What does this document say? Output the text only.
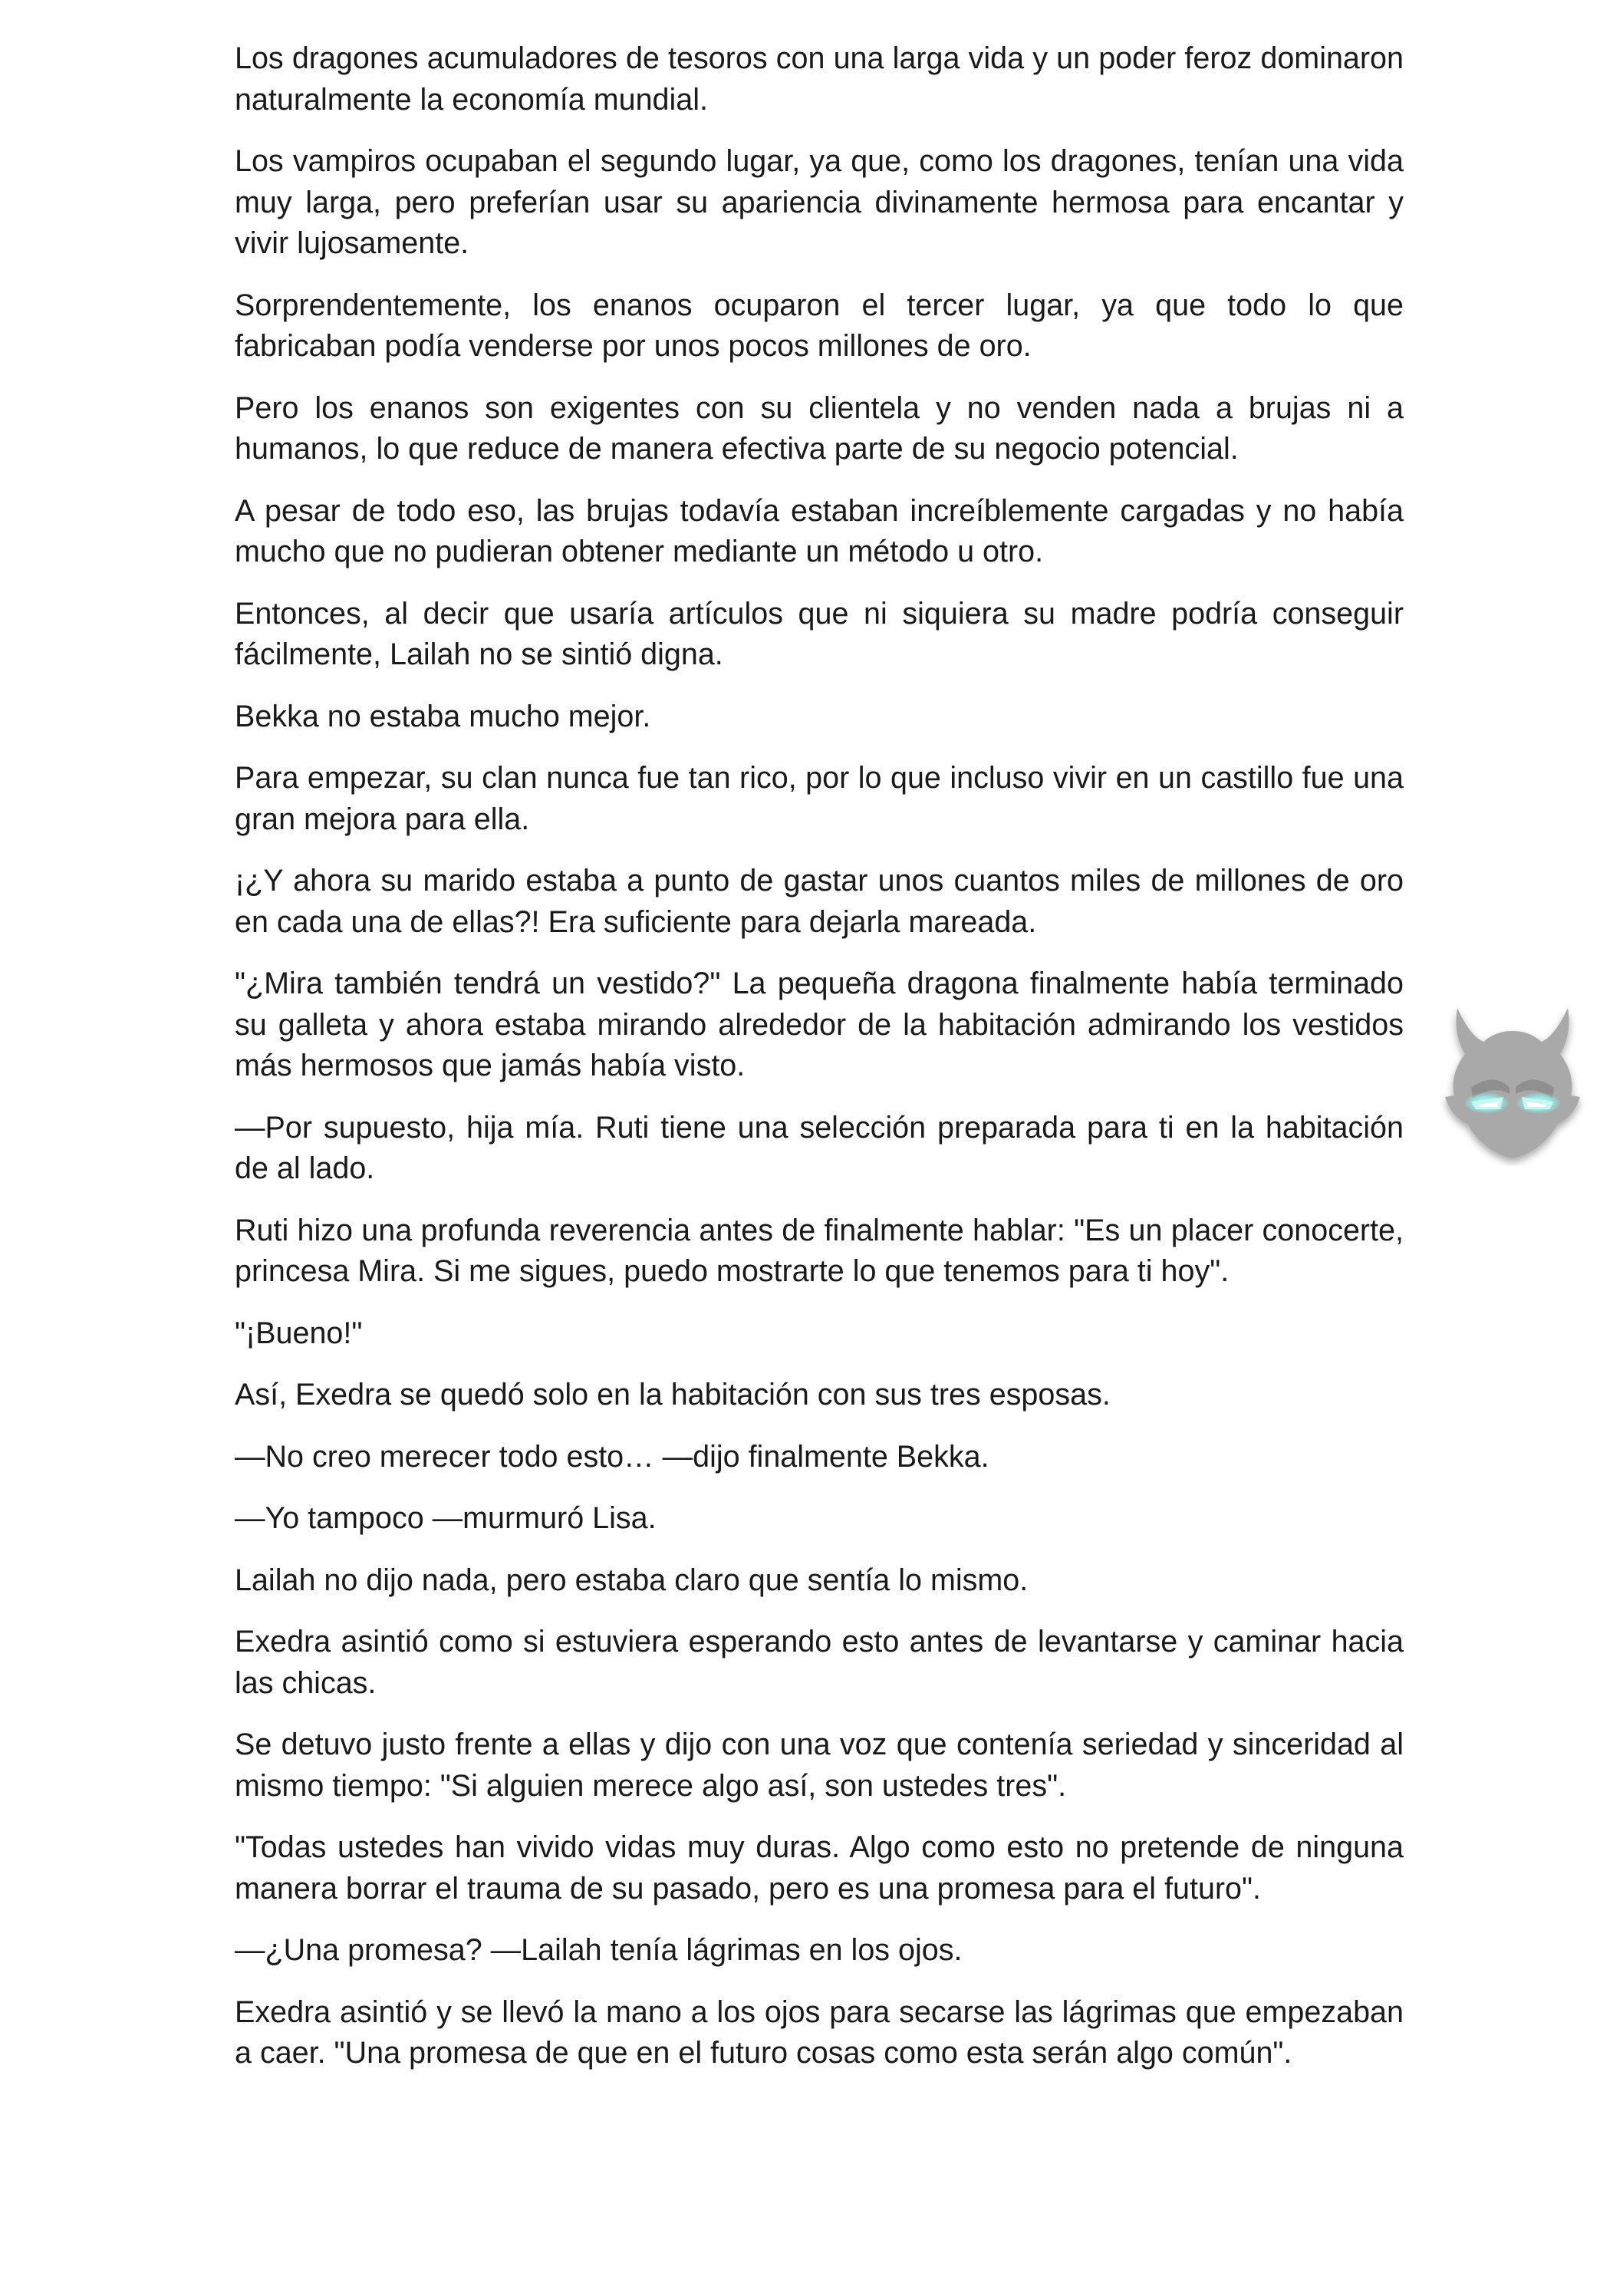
Los dragones acumuladores de tesoros con una larga vida y un poder feroz dominaron naturalmente la economía mundial.

Los vampiros ocupaban el segundo lugar, ya que, como los dragones, tenían una vida muy larga, pero preferían usar su apariencia divinamente hermosa para encantar y vivir lujosamente.

Sorprendentemente, los enanos ocuparon el tercer lugar, ya que todo lo que fabricaban podía venderse por unos pocos millones de oro.

Pero los enanos son exigentes con su clientela y no venden nada a brujas ni a humanos, lo que reduce de manera efectiva parte de su negocio potencial.

A pesar de todo eso, las brujas todavía estaban increíblemente cargadas y no había mucho que no pudieran obtener mediante un método u otro.

Entonces, al decir que usaría artículos que ni siquiera su madre podría conseguir fácilmente, Lailah no se sintió digna.

Bekka no estaba mucho mejor.

Para empezar, su clan nunca fue tan rico, por lo que incluso vivir en un castillo fue una gran mejora para ella.

¡¿Y ahora su marido estaba a punto de gastar unos cuantos miles de millones de oro en cada una de ellas?! Era suficiente para dejarla mareada.

"¿Mira también tendrá un vestido?" La pequeña dragona finalmente había terminado su galleta y ahora estaba mirando alrededor de la habitación admirando los vestidos más hermosos que jamás había visto.

—Por supuesto, hija mía. Ruti tiene una selección preparada para ti en la habitación de al lado.

Ruti hizo una profunda reverencia antes de finalmente hablar: "Es un placer conocerte, princesa Mira. Si me sigues, puedo mostrarte lo que tenemos para ti hoy".

"¡Bueno!"

Así, Exedra se quedó solo en la habitación con sus tres esposas.

—No creo merecer todo esto… —dijo finalmente Bekka.

—Yo tampoco —murmuró Lisa.

Lailah no dijo nada, pero estaba claro que sentía lo mismo.

Exedra asintió como si estuviera esperando esto antes de levantarse y caminar hacia las chicas.

Se detuvo justo frente a ellas y dijo con una voz que contenía seriedad y sinceridad al mismo tiempo: "Si alguien merece algo así, son ustedes tres".

"Todas ustedes han vivido vidas muy duras. Algo como esto no pretende de ninguna manera borrar el trauma de su pasado, pero es una promesa para el futuro".

—¿Una promesa? —Lailah tenía lágrimas en los ojos.

Exedra asintió y se llevó la mano a los ojos para secarse las lágrimas que empezaban a caer. "Una promesa de que en el futuro cosas como esta serán algo común".
